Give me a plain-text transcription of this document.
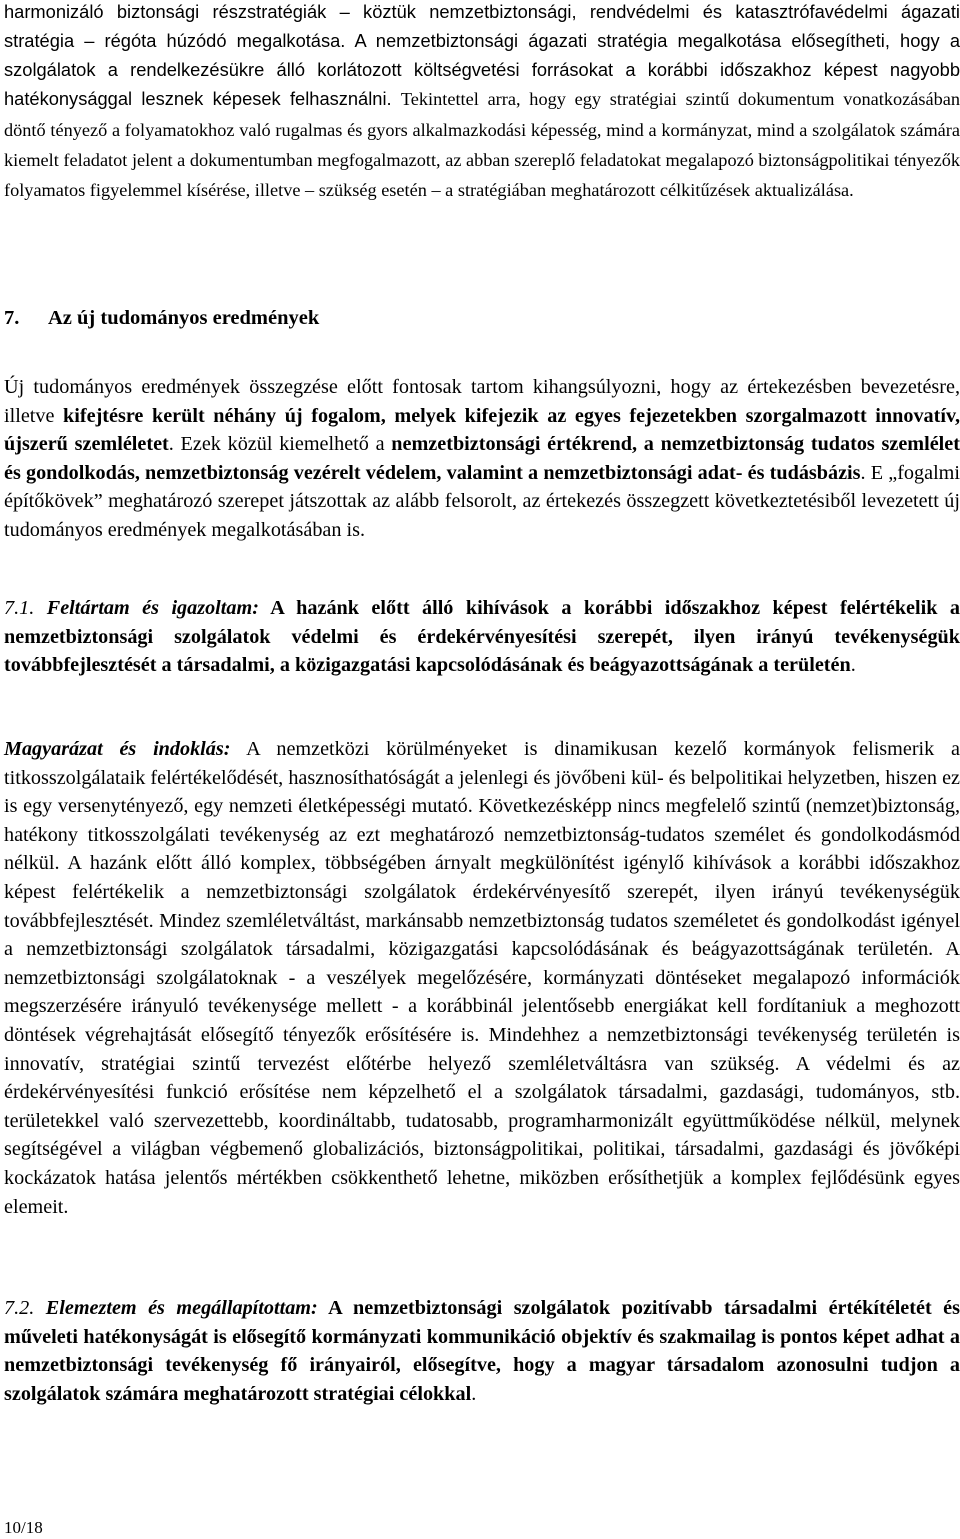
harmonizáló biztonsági részstratégiák – köztük nemzetbiztonsági, rendvédelmi és katasztrófavédelmi ágazati stratégia – régóta húzódó megalkotása. A nemzetbiztonsági ágazati stratégia megalkotása elősegítheti, hogy a szolgálatok a rendelkezésükre álló korlátozott költségvetési forrásokat a korábbi időszakhoz képest nagyobb hatékonysággal lesznek képesek felhasználni. Tekintettel arra, hogy egy stratégiai szintű dokumentum vonatkozásában döntő tényező a folyamatokhoz való rugalmas és gyors alkalmazkodási képesség, mind a kormányzat, mind a szolgálatok számára kiemelt feladatot jelent a dokumentumban megfogalmazott, az abban szereplő feladatokat megalapozó biztonságpolitikai tényezők folyamatos figyelemmel kísérése, illetve – szükség esetén – a stratégiában meghatározott célkitűzések aktualizálása.

7. Az új tudományos eredmények

Új tudományos eredmények összegzése előtt fontosak tartom kihangsúlyozni, hogy az értekezésben bevezetésre, illetve kifejtésre került néhány új fogalom, melyek kifejezik az egyes fejezetekben szorgalmazott innovatív, újszerű szemléletet. Ezek közül kiemelhető a nemzetbiztonsági értékrend, a nemzetbiztonság tudatos szemlélet és gondolkodás, nemzetbiztonság vezérelt védelem, valamint a nemzetbiztonsági adat- és tudásbázis. E „fogalmi építőkövek” meghatározó szerepet játszottak az alább felsorolt, az értekezés összegzett következtetésiből levezetett új tudományos eredmények megalkotásában is.

7.1. Feltártam és igazoltam: A hazánk előtt álló kihívások a korábbi időszakhoz képest felértékelik a nemzetbiztonsági szolgálatok védelmi és érdekérvényesítési szerepét, ilyen irányú tevékenységük továbbfejlesztését a társadalmi, a közigazgatási kapcsolódásának és beágyazottságának a területén.

Magyarázat és indoklás: A nemzetközi körülményeket is dinamikusan kezelő kormányok felismerik a titkosszolgálataik felértékelődését, hasznosíthatóságát a jelenlegi és jövőbeni kül- és belpolitikai helyzetben, hiszen ez is egy versenytényező, egy nemzeti életképességi mutató. Következésképp nincs megfelelő szintű (nemzet)biztonság, hatékony titkosszolgálati tevékenység az ezt meghatározó nemzetbiztonság-tudatos személet és gondolkodásmód nélkül. A hazánk előtt álló komplex, többségében árnyalt megkülönítést igénylő kihívások a korábbi időszakhoz képest felértékelik a nemzetbiztonsági szolgálatok érdekérvényesítő szerepét, ilyen irányú tevékenységük továbbfejlesztését. Mindez szemléletváltást, markánsabb nemzetbiztonság tudatos személetet és gondolkodást igényel a nemzetbiztonsági szolgálatok társadalmi, közigazgatási kapcsolódásának és beágyazottságának területén. A nemzetbiztonsági szolgálatoknak - a veszélyek megelőzésére, kormányzati döntéseket megalapozó információk megszerzésére irányuló tevékenysége mellett - a korábbinál jelentősebb energiákat kell fordítaniuk a meghozott döntések végrehajtását elősegítő tényezők erősítésére is. Mindehhez a nemzetbiztonsági tevékenység területén is innovatív, stratégiai szintű tervezést előtérbe helyező szemléletváltásra van szükség. A védelmi és az érdekérvényesítési funkció erősítése nem képzelhető el a szolgálatok társadalmi, gazdasági, tudományos, stb. területekkel való szervezettebb, koordináltabb, tudatosabb, programharmonizált együttműködése nélkül, melynek segítségével a világban végbemenő globalizációs, biztonságpolitikai, politikai, társadalmi, gazdasági és jövőképi kockázatok hatása jelentős mértékben csökkenthető lehetne, miközben erősíthetjük a komplex fejlődésünk egyes elemeit.

7.2. Elemeztem és megállapítottam: A nemzetbiztonsági szolgálatok pozitívabb társadalmi értékítéletét és műveleti hatékonyságát is elősegítő kormányzati kommunikáció objektív és szakmailag is pontos képet adhat a nemzetbiztonsági tevékenység fő irányairól, elősegítve, hogy a magyar társadalom azonosulni tudjon a szolgálatok számára meghatározott stratégiai célokkal.

10/18
